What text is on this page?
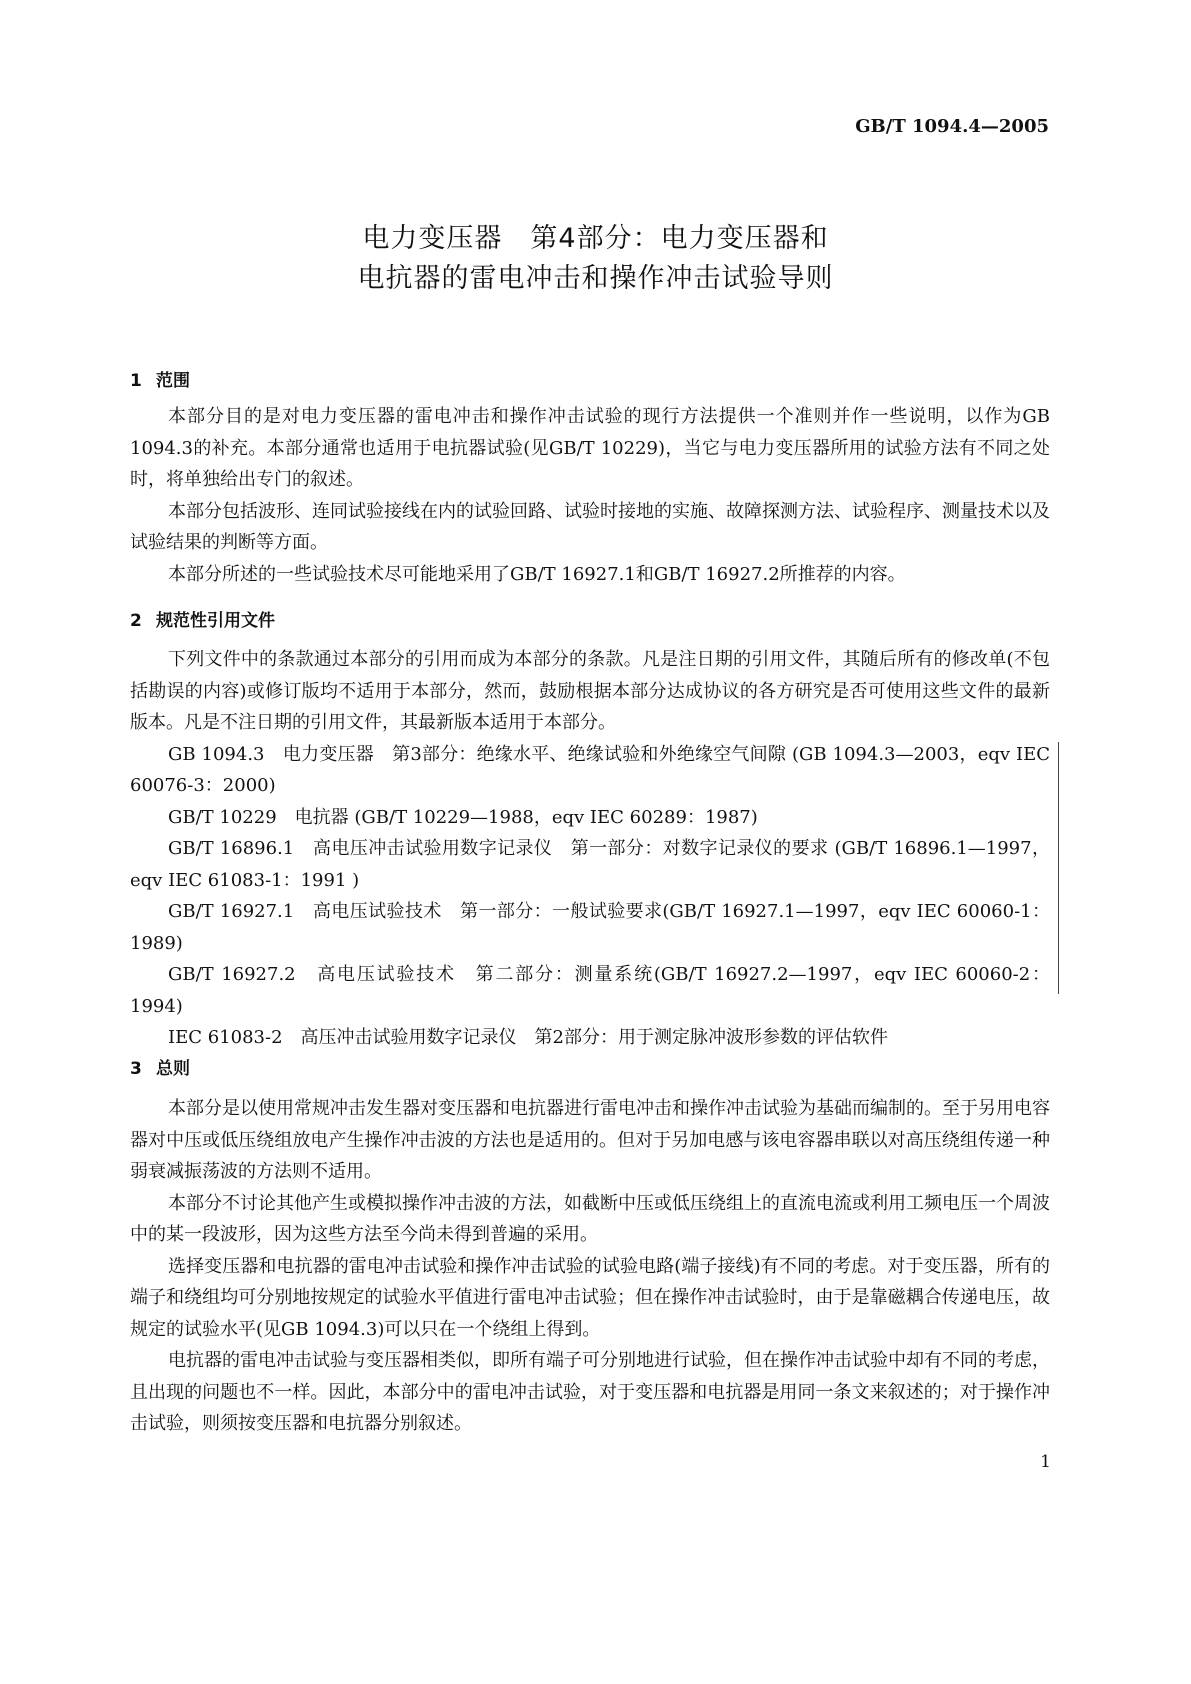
GB/T 1094.4—2005
电力变压器　第4部分：电力变压器和
电抗器的雷电冲击和操作冲击试验导则
1 范围

本部分目的是对电力变压器的雷电冲击和操作冲击试验的现行方法提供一个准则并作一些说明，以作为GB 1094.3的补充。本部分通常也适用于电抗器试验(见GB/T 10229)，当它与电力变压器所用的试验方法有不同之处时，将单独给出专门的叙述。

本部分包括波形、连同试验接线在内的试验回路、试验时接地的实施、故障探测方法、试验程序、测量技术以及试验结果的判断等方面。

本部分所述的一些试验技术尽可能地采用了GB/T 16927.1和GB/T 16927.2所推荐的内容。

2 规范性引用文件

下列文件中的条款通过本部分的引用而成为本部分的条款。凡是注日期的引用文件，其随后所有的修改单(不包括勘误的内容)或修订版均不适用于本部分，然而，鼓励根据本部分达成协议的各方研究是否可使用这些文件的最新版本。凡是不注日期的引用文件，其最新版本适用于本部分。

GB 1094.3　电力变压器　第3部分：绝缘水平、绝缘试验和外绝缘空气间隙 (GB 1094.3—2003，eqv IEC 60076-3：2000)

GB/T 10229　电抗器 (GB/T 10229—1988，eqv IEC 60289：1987)

GB/T 16896.1　高电压冲击试验用数字记录仪　第一部分：对数字记录仪的要求 (GB/T 16896.1—1997，eqv IEC 61083-1：1991 )

GB/T 16927.1　高电压试验技术　第一部分：一般试验要求(GB/T 16927.1—1997，eqv IEC 60060-1：1989)

GB/T 16927.2　高电压试验技术　第二部分：测量系统(GB/T 16927.2—1997，eqv IEC 60060-2：1994)

IEC 61083-2　高压冲击试验用数字记录仪　第2部分：用于测定脉冲波形参数的评估软件

3 总则

本部分是以使用常规冲击发生器对变压器和电抗器进行雷电冲击和操作冲击试验为基础而编制的。至于另用电容器对中压或低压绕组放电产生操作冲击波的方法也是适用的。但对于另加电感与该电容器串联以对高压绕组传递一种弱衰减振荡波的方法则不适用。

本部分不讨论其他产生或模拟操作冲击波的方法，如截断中压或低压绕组上的直流电流或利用工频电压一个周波中的某一段波形，因为这些方法至今尚未得到普遍的采用。

选择变压器和电抗器的雷电冲击试验和操作冲击试验的试验电路(端子接线)有不同的考虑。对于变压器，所有的端子和绕组均可分别地按规定的试验水平值进行雷电冲击试验；但在操作冲击试验时，由于是靠磁耦合传递电压，故规定的试验水平(见GB 1094.3)可以只在一个绕组上得到。

电抗器的雷电冲击试验与变压器相类似，即所有端子可分别地进行试验，但在操作冲击试验中却有不同的考虑，且出现的问题也不一样。因此，本部分中的雷电冲击试验，对于变压器和电抗器是用同一条文来叙述的；对于操作冲击试验，则须按变压器和电抗器分别叙述。

1
